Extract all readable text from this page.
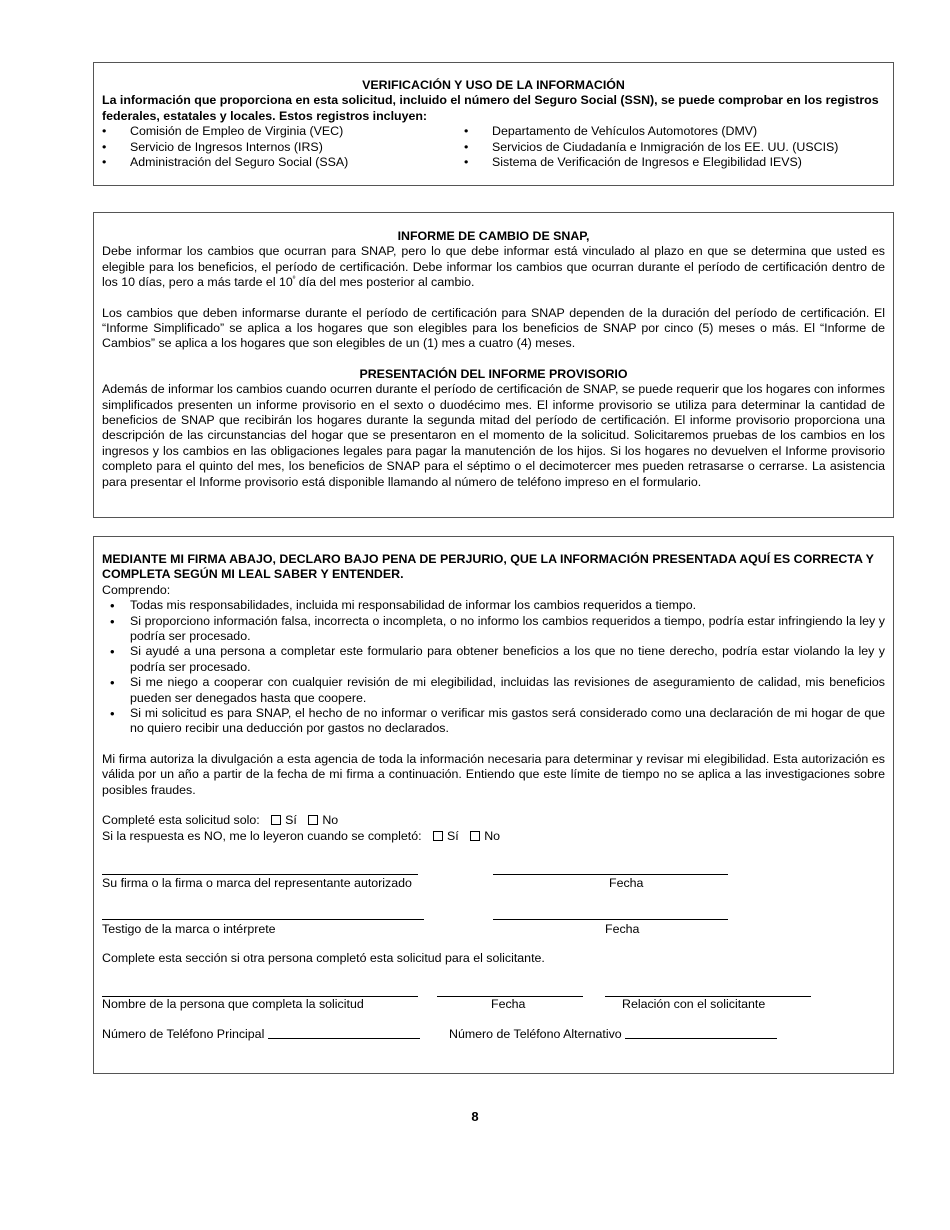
VERIFICACIÓN Y USO DE LA INFORMACIÓN

La información que proporciona en esta solicitud, incluido el número del Seguro Social (SSN), se puede comprobar en los registros federales, estatales y locales. Estos registros incluyen:

•	Comisión de Empleo de Virginia (VEC)	•	Departamento de Vehículos Automotores (DMV)
•	Servicio de Ingresos Internos (IRS)	•	Servicios de Ciudadanía e Inmigración de los EE. UU. (USCIS)
•	Administración del Seguro Social (SSA)	•	Sistema de Verificación de Ingresos e Elegibilidad IEVS)
INFORME DE CAMBIO DE SNAP,

Debe informar los cambios que ocurran para SNAP, pero lo que debe informar está vinculado al plazo en que se determina que usted es elegible para los beneficios, el período de certificación. Debe informar los cambios que ocurran durante el período de certificación dentro de los 10 días, pero a más tarde el $10^º$ día del mes posterior al cambio.

Los cambios que deben informarse durante el período de certificación para SNAP dependen de la duración del período de certificación. El “Informe Simplificado” se aplica a los hogares que son elegibles para los beneficios de SNAP por cinco (5) meses o más. El “Informe de Cambios” se aplica a los hogares que son elegibles de un (1) mes a cuatro (4) meses.

PRESENTACIÓN DEL INFORME PROVISORIO

Además de informar los cambios cuando ocurren durante el período de certificación de SNAP, se puede requerir que los hogares con informes simplificados presenten un informe provisorio en el sexto o duodécimo mes. El informe provisorio se utiliza para determinar la cantidad de beneficios de SNAP que recibirán los hogares durante la segunda mitad del período de certificación. El informe provisorio proporciona una descripción de las circunstancias del hogar que se presentaron en el momento de la solicitud. Solicitaremos pruebas de los cambios en los ingresos y los cambios en las obligaciones legales para pagar la manutención de los hijos. Si los hogares no devuelven el Informe provisorio completo para el quinto del mes, los beneficios de SNAP para el séptimo o el decimotercer mes pueden retrasarse o cerrarse. La asistencia para presentar el Informe provisorio está disponible llamando al número de teléfono impreso en el formulario.

MEDIANTE MI FIRMA ABAJO, DECLARO BAJO PENA DE PERJURIO, QUE LA INFORMACIÓN PRESENTADA AQUÍ ES CORRECTA Y COMPLETA SEGÚN MI LEAL SABER Y ENTENDER.

Comprendo:

• Todas mis responsabilidades, incluida mi responsabilidad de informar los cambios requeridos a tiempo.
• Si proporciono información falsa, incorrecta o incompleta, o no informo los cambios requeridos a tiempo, podría estar infringiendo la ley y podría ser procesado.
• Si ayudé a una persona a completar este formulario para obtener beneficios a los que no tiene derecho, podría estar violando la ley y podría ser procesado.
• Si me niego a cooperar con cualquier revisión de mi elegibilidad, incluidas las revisiones de aseguramiento de calidad, mis beneficios pueden ser denegados hasta que coopere.
• Si mi solicitud es para SNAP, el hecho de no informar o verificar mis gastos será considerado como una declaración de mi hogar de que no quiero recibir una deducción por gastos no declarados.

Mi firma autoriza la divulgación a esta agencia de toda la información necesaria para determinar y revisar mi elegibilidad. Esta autorización es válida por un año a partir de la fecha de mi firma a continuación. Entiendo que este límite de tiempo no se aplica a las investigaciones sobre posibles fraudes.

Completé esta solicitud solo: Sí No

Si la respuesta es NO, me lo leyeron cuando se completó: Sí No

Su firma o la firma o marca del representante autorizado	Fecha
Testigo de la marca o intérprete	Fecha
Complete esta sección si otra persona completó esta solicitud para el solicitante.
Nombre de la persona que completa la solicitud	Fecha	Relación con el solicitante
Número de Teléfono Principal	Número de Teléfono Alternativo
8
